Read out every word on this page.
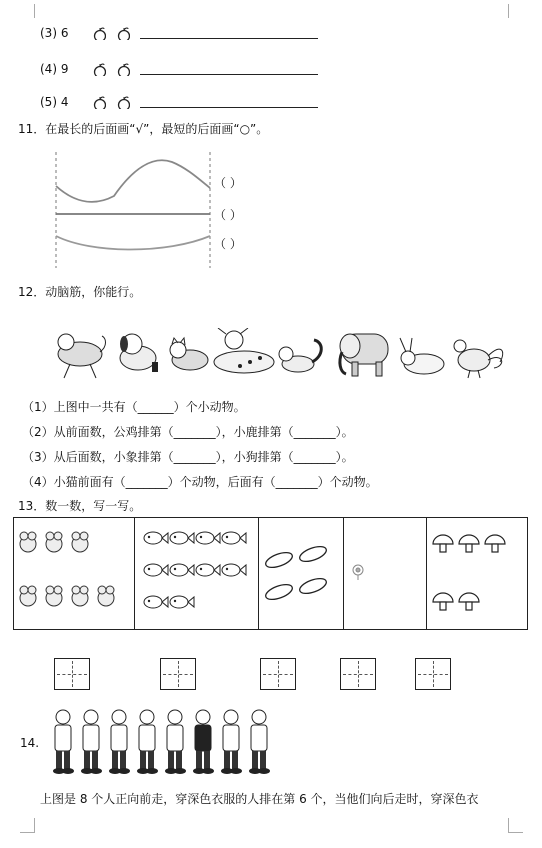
(3) 6
(4) 9
(5) 4
11．在最长的后面画“√”，最短的后面画“○”。
（ ）
（ ）
（ ）
12．动脑筋，你能行。
（1）上图中一共有（______）个小动物。
（2）从前面数，公鸡排第（_______），小鹿排第（_______）。
（3）从后面数，小象排第（_______），小狗排第（_______）。
（4）小猫前面有（_______）个动物，后面有（_______）个动物。
13．数一数，写一写。

14.
上图是 8 个人正向前走，穿深色衣服的人排在第 6 个，当他们向后走时，穿深色衣
